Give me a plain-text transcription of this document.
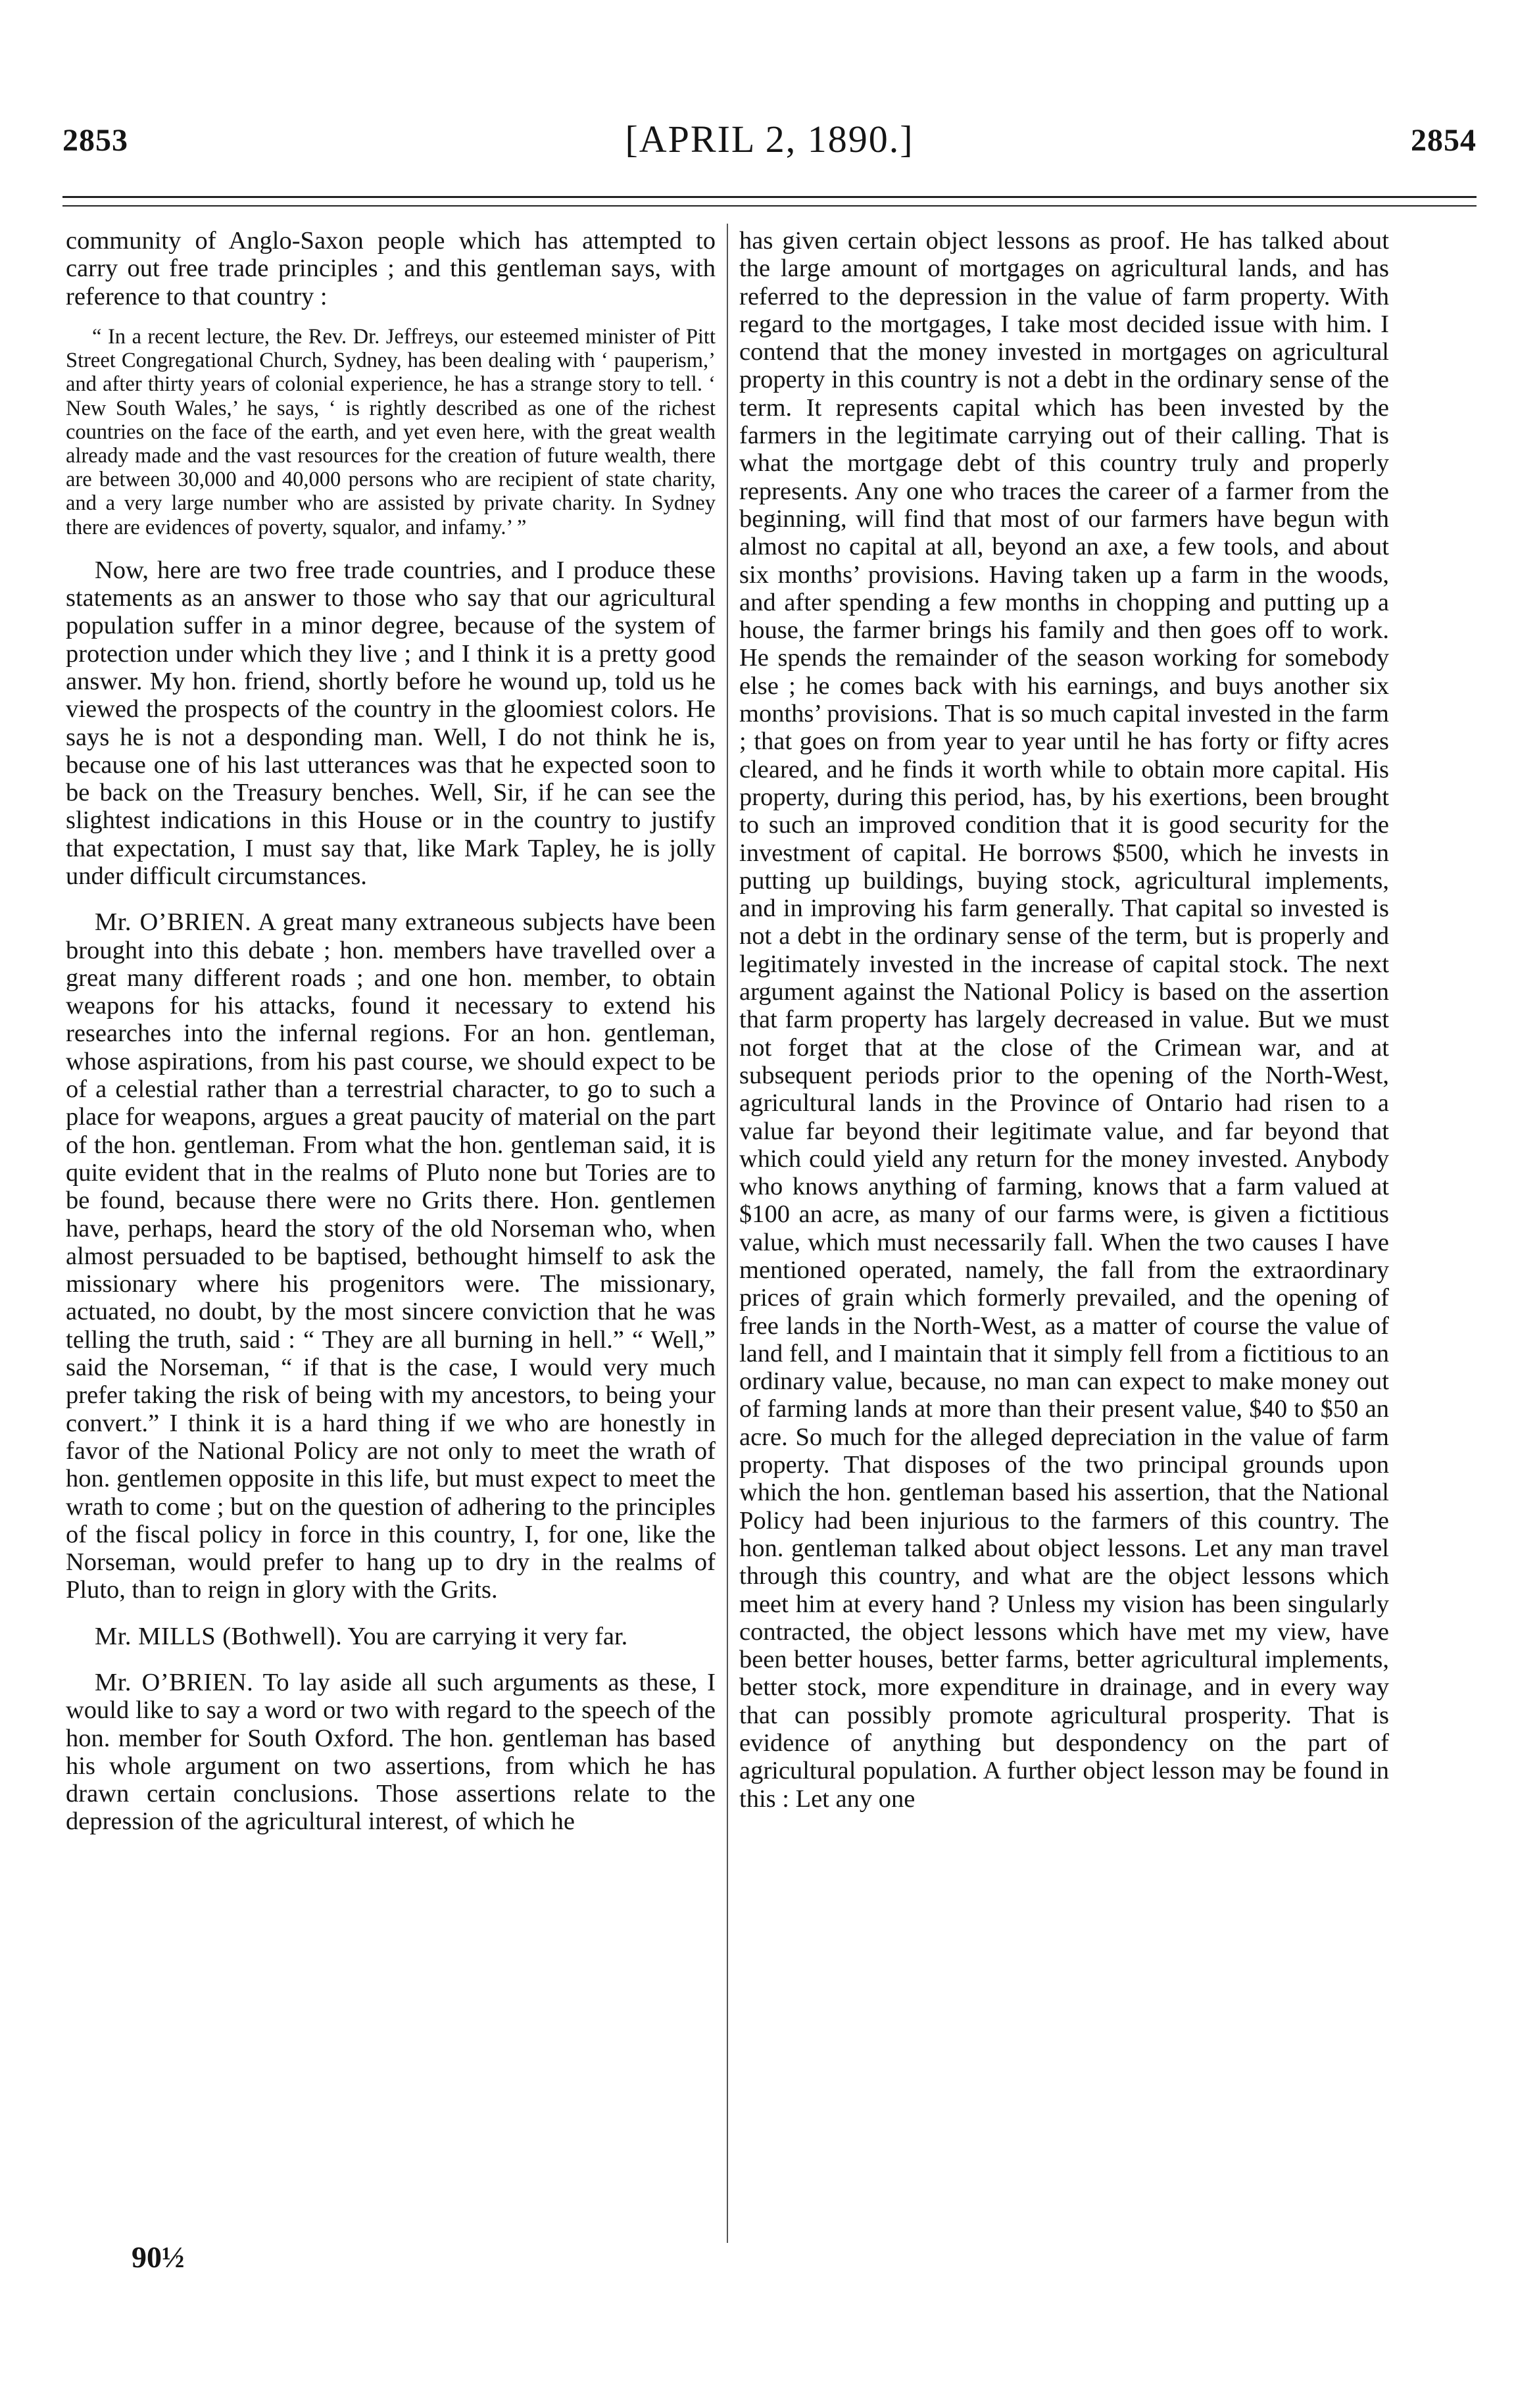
2853	[APRIL 2, 1890.]	2854

community of Anglo-Saxon people which has attempted to carry out free trade principles ; and this gentleman says, with reference to that country :

“ In a recent lecture, the Rev. Dr. Jeffreys, our esteemed minister of Pitt Street Congregational Church, Sydney, has been dealing with ‘ pauperism,’ and after thirty years of colonial experience, he has a strange story to tell. ‘ New South Wales,’ he says, ‘ is rightly described as one of the richest countries on the face of the earth, and yet even here, with the great wealth already made and the vast resources for the creation of future wealth, there are between 30,000 and 40,000 persons who are recipient of state charity, and a very large number who are assisted by private charity. In Sydney there are evidences of poverty, squalor, and infamy.’ ”

Now, here are two free trade countries, and I produce these statements as an answer to those who say that our agricultural population suffer in a minor degree, because of the system of protection under which they live ; and I think it is a pretty good answer. My hon. friend, shortly before he wound up, told us he viewed the prospects of the country in the gloomiest colors. He says he is not a desponding man. Well, I do not think he is, because one of his last utterances was that he expected soon to be back on the Treasury benches. Well, Sir, if he can see the slightest indications in this House or in the country to justify that expectation, I must say that, like Mark Tapley, he is jolly under difficult circumstances.

Mr. O’BRIEN. A great many extraneous subjects have been brought into this debate ; hon. members have travelled over a great many different roads ; and one hon. member, to obtain weapons for his attacks, found it necessary to extend his researches into the infernal regions. For an hon. gentleman, whose aspirations, from his past course, we should expect to be of a celestial rather than a terrestrial character, to go to such a place for weapons, argues a great paucity of material on the part of the hon. gentleman. From what the hon. gentleman said, it is quite evident that in the realms of Pluto none but Tories are to be found, because there were no Grits there. Hon. gentlemen have, perhaps, heard the story of the old Norseman who, when almost persuaded to be baptised, bethought himself to ask the missionary where his progenitors were. The missionary, actuated, no doubt, by the most sincere conviction that he was telling the truth, said : “ They are all burning in hell.” “ Well,” said the Norseman, “ if that is the case, I would very much prefer taking the risk of being with my ancestors, to being your convert.” I think it is a hard thing if we who are honestly in favor of the National Policy are not only to meet the wrath of hon. gentlemen opposite in this life, but must expect to meet the wrath to come ; but on the question of adhering to the principles of the fiscal policy in force in this country, I, for one, like the Norseman, would prefer to hang up to dry in the realms of Pluto, than to reign in glory with the Grits.

Mr. MILLS (Bothwell). You are carrying it very far.

Mr. O’BRIEN. To lay aside all such arguments as these, I would like to say a word or two with regard to the speech of the hon. member for South Oxford. The hon. gentleman has based his whole argument on two assertions, from which he has drawn certain conclusions. Those assertions relate to the depression of the agricultural interest, of which he

has given certain object lessons as proof. He has talked about the large amount of mortgages on agricultural lands, and has referred to the depression in the value of farm property. With regard to the mortgages, I take most decided issue with him. I contend that the money invested in mortgages on agricultural property in this country is not a debt in the ordinary sense of the term. It represents capital which has been invested by the farmers in the legitimate carrying out of their calling. That is what the mortgage debt of this country truly and properly represents. Any one who traces the career of a farmer from the beginning, will find that most of our farmers have begun with almost no capital at all, beyond an axe, a few tools, and about six months’ provisions. Having taken up a farm in the woods, and after spending a few months in chopping and putting up a house, the farmer brings his family and then goes off to work. He spends the remainder of the season working for somebody else ; he comes back with his earnings, and buys another six months’ provisions. That is so much capital invested in the farm ; that goes on from year to year until he has forty or fifty acres cleared, and he finds it worth while to obtain more capital. His property, during this period, has, by his exertions, been brought to such an improved condition that it is good security for the investment of capital. He borrows $500, which he invests in putting up buildings, buying stock, agricultural implements, and in improving his farm generally. That capital so invested is not a debt in the ordinary sense of the term, but is properly and legitimately invested in the increase of capital stock. The next argument against the National Policy is based on the assertion that farm property has largely decreased in value. But we must not forget that at the close of the Crimean war, and at subsequent periods prior to the opening of the North-West, agricultural lands in the Province of Ontario had risen to a value far beyond their legitimate value, and far beyond that which could yield any return for the money invested. Anybody who knows anything of farming, knows that a farm valued at $100 an acre, as many of our farms were, is given a fictitious value, which must necessarily fall. When the two causes I have mentioned operated, namely, the fall from the extraordinary prices of grain which formerly prevailed, and the opening of free lands in the North-West, as a matter of course the value of land fell, and I maintain that it simply fell from a fictitious to an ordinary value, because, no man can expect to make money out of farming lands at more than their present value, $40 to $50 an acre. So much for the alleged depreciation in the value of farm property. That disposes of the two principal grounds upon which the hon. gentleman based his assertion, that the National Policy had been injurious to the farmers of this country. The hon. gentleman talked about object lessons. Let any man travel through this country, and what are the object lessons which meet him at every hand ? Unless my vision has been singularly contracted, the object lessons which have met my view, have been better houses, better farms, better agricultural implements, better stock, more expenditure in drainage, and in every way that can possibly promote agricultural prosperity. That is evidence of anything but despondency on the part of agricultural population. A further object lesson may be found in this : Let any one

90½
